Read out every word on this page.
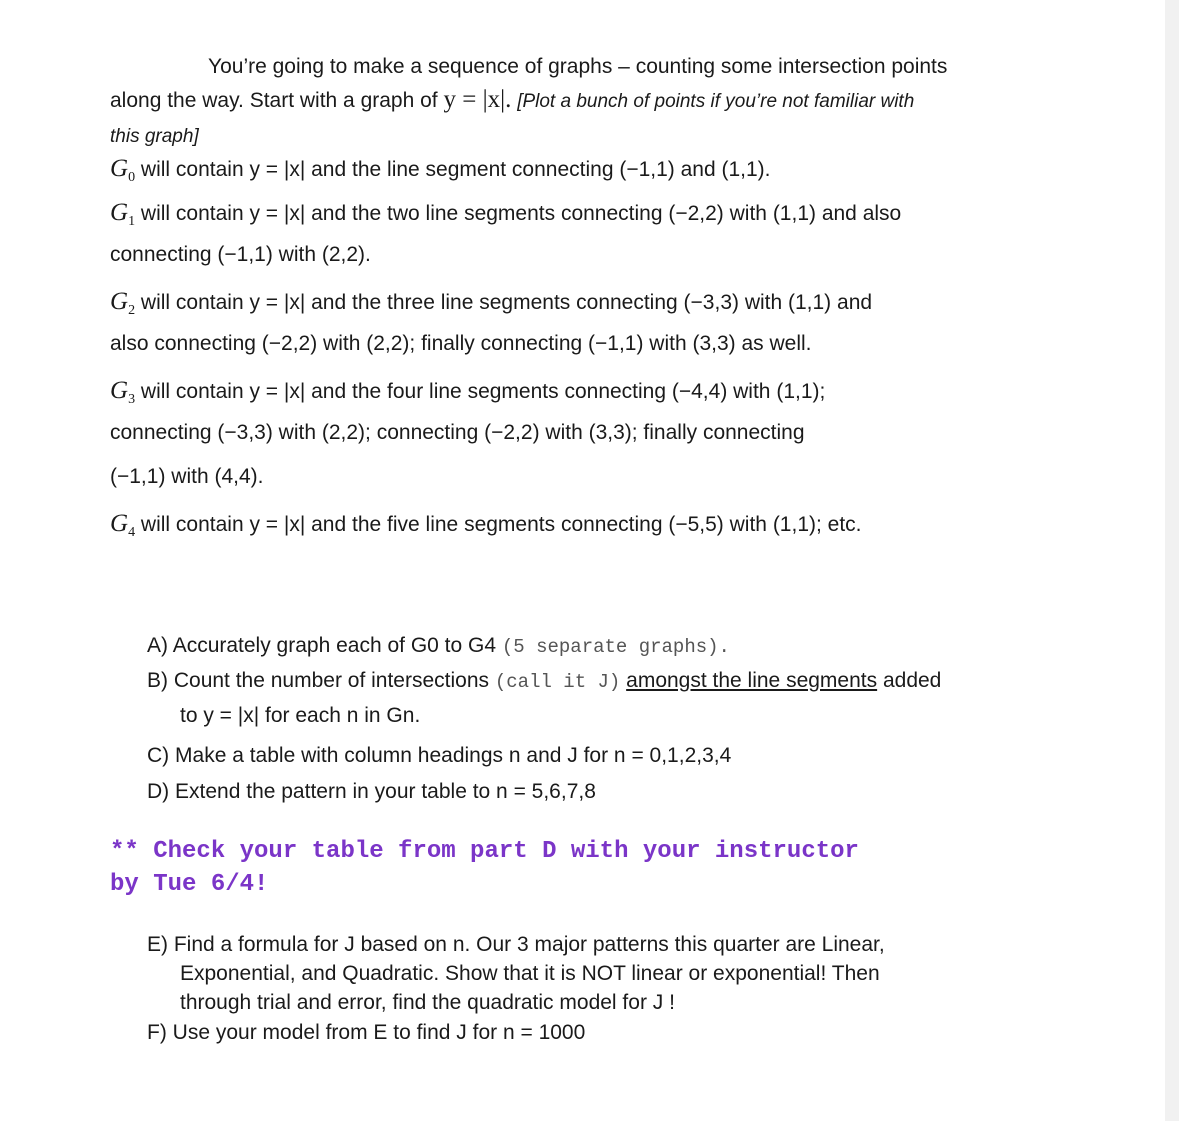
You’re going to make a sequence of graphs – counting some intersection points

along the way. Start with a graph of y = |x|. [Plot a bunch of points if you’re not familiar with

this graph]

$G_0$ will contain y = |x| and the line segment connecting (−1,1) and (1,1).

$G_1$ will contain y = |x| and the two line segments connecting (−2,2) with (1,1) and also

connecting (−1,1) with (2,2).

$G_2$ will contain y = |x| and the three line segments connecting (−3,3) with (1,1) and

also connecting (−2,2) with (2,2); finally connecting (−1,1) with (3,3) as well.

$G_3$ will contain y = |x| and the four line segments connecting (−4,4) with (1,1);

connecting (−3,3) with (2,2); connecting (−2,2) with (3,3); finally connecting

(−1,1) with (4,4).

$G_4$ will contain y = |x| and the five line segments connecting (−5,5) with (1,1); etc.

A) Accurately graph each of G0 to G4 (5 separate graphs).

B) Count the number of intersections (call it J) amongst the line segments added

to y = |x| for each n in Gn.

C) Make a table with column headings n and J for n = 0,1,2,3,4

D) Extend the pattern in your table to n = 5,6,7,8

** Check your table from part D with your instructor

by Tue 6/4!

E) Find a formula for J based on n. Our 3 major patterns this quarter are Linear,

Exponential, and Quadratic. Show that it is NOT linear or exponential! Then

through trial and error, find the quadratic model for J !

F) Use your model from E to find J for n = 1000
